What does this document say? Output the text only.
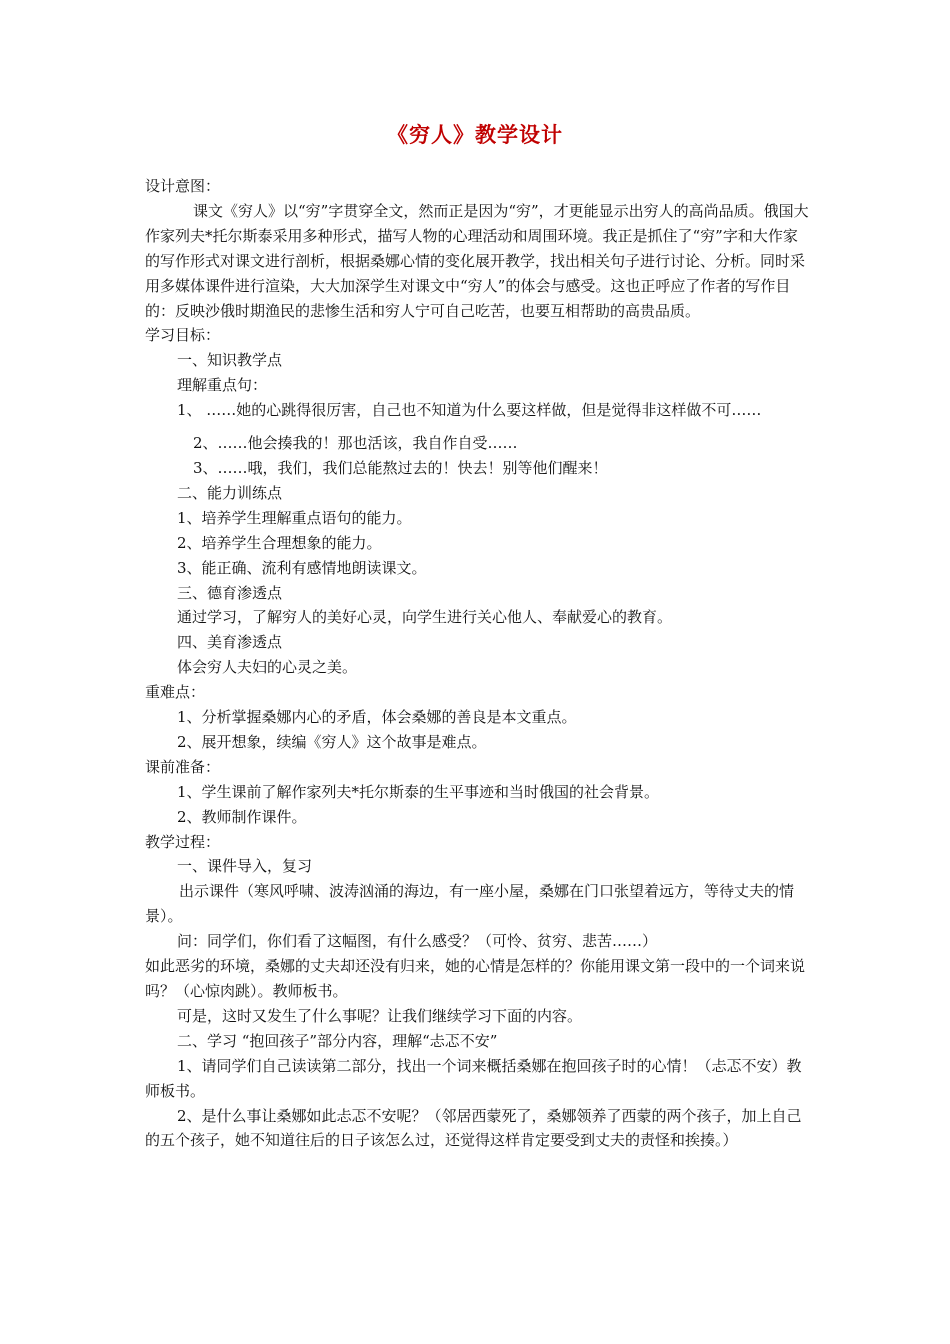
《穷人》教学设计

设计意图：

课文《穷人》以“穷”字贯穿全文，然而正是因为“穷”，才更能显示出穷人的高尚品质。俄国大作家列夫*托尔斯泰采用多种形式，描写人物的心理活动和周围环境。我正是抓住了“穷”字和大作家的写作形式对课文进行剖析，根据桑娜心情的变化展开教学，找出相关句子进行讨论、分析。同时采用多媒体课件进行渲染，大大加深学生对课文中“穷人”的体会与感受。这也正呼应了作者的写作目的：反映沙俄时期渔民的悲惨生活和穷人宁可自己吃苦，也要互相帮助的高贵品质。

学习目标：

一、知识教学点

理解重点句：

1、 ……她的心跳得很厉害，自己也不知道为什么要这样做，但是觉得非这样做不可……

2、……他会揍我的！那也活该，我自作自受……

3、……哦，我们，我们总能熬过去的！快去！别等他们醒来！

二、能力训练点

1、培养学生理解重点语句的能力。

2、培养学生合理想象的能力。

3、能正确、流利有感情地朗读课文。

三、德育渗透点

通过学习，了解穷人的美好心灵，向学生进行关心他人、奉献爱心的教育。

四、美育渗透点

体会穷人夫妇的心灵之美。

重难点：

1、分析掌握桑娜内心的矛盾，体会桑娜的善良是本文重点。

2、展开想象，续编《穷人》这个故事是难点。

课前准备：

1、学生课前了解作家列夫*托尔斯泰的生平事迹和当时俄国的社会背景。

2、教师制作课件。

教学过程：

一、课件导入，复习

出示课件（寒风呼啸、波涛汹涌的海边，有一座小屋，桑娜在门口张望着远方，等待丈夫的情景）。

问：同学们，你们看了这幅图，有什么感受？（可怜、贫穷、悲苦……）

如此恶劣的环境，桑娜的丈夫却还没有归来，她的心情是怎样的？你能用课文第一段中的一个词来说吗？（心惊肉跳）。教师板书。

可是，这时又发生了什么事呢？让我们继续学习下面的内容。

二、学习 “抱回孩子”部分内容，理解“忐忑不安”

1、请同学们自己读读第二部分，找出一个词来概括桑娜在抱回孩子时的心情！（忐忑不安）教师板书。

2、是什么事让桑娜如此忐忑不安呢？（邻居西蒙死了，桑娜领养了西蒙的两个孩子，加上自己的五个孩子，她不知道往后的日子该怎么过，还觉得这样肯定要受到丈夫的责怪和挨揍。）
